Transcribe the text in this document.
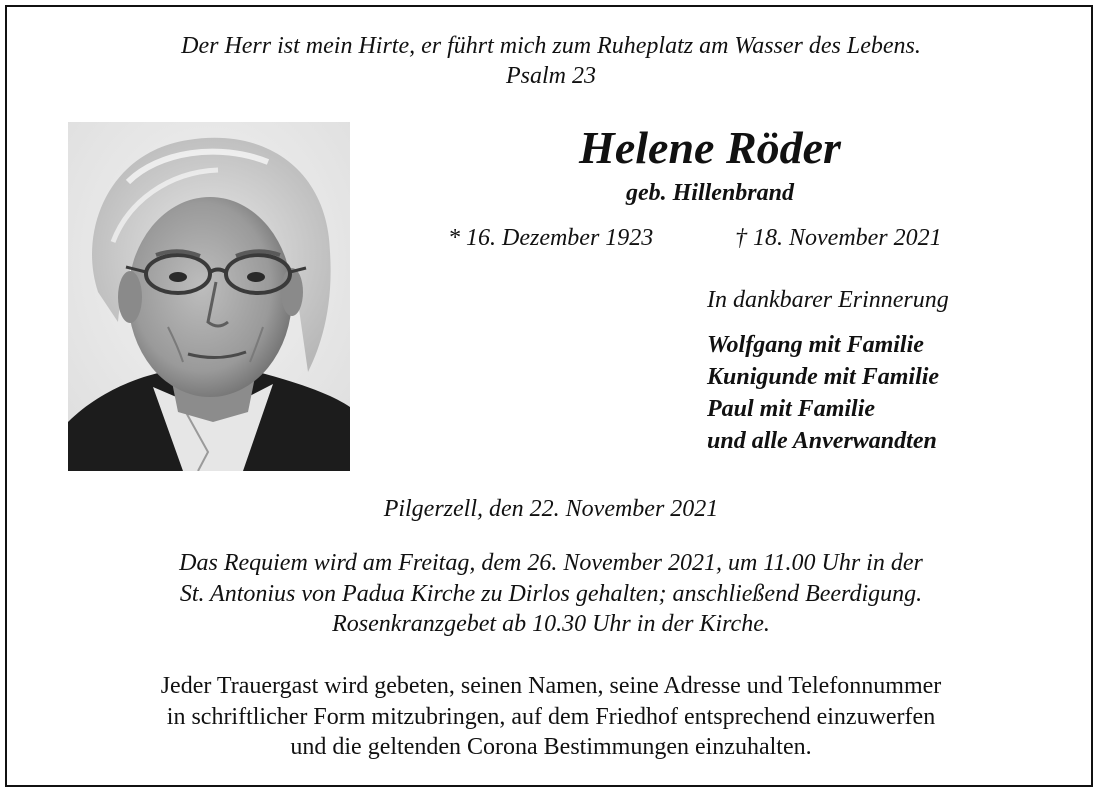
Der Herr ist mein Hirte, er führt mich zum Ruheplatz am Wasser des Lebens.
Psalm 23
Helene Röder
geb. Hillenbrand
* 16. Dezember 1923	† 18. November 2021
In dankbarer Erinnerung
Wolfgang mit Familie
Kunigunde mit Familie
Paul mit Familie
und alle Anverwandten
Pilgerzell, den 22. November 2021
Das Requiem wird am Freitag, dem 26. November 2021, um 11.00 Uhr in der
St. Antonius von Padua Kirche zu Dirlos gehalten; anschließend Beerdigung.
Rosenkranzgebet ab 10.30 Uhr in der Kirche.
Jeder Trauergast wird gebeten, seinen Namen, seine Adresse und Telefonnummer
in schriftlicher Form mitzubringen, auf dem Friedhof entsprechend einzuwerfen
und die geltenden Corona Bestimmungen einzuhalten.
